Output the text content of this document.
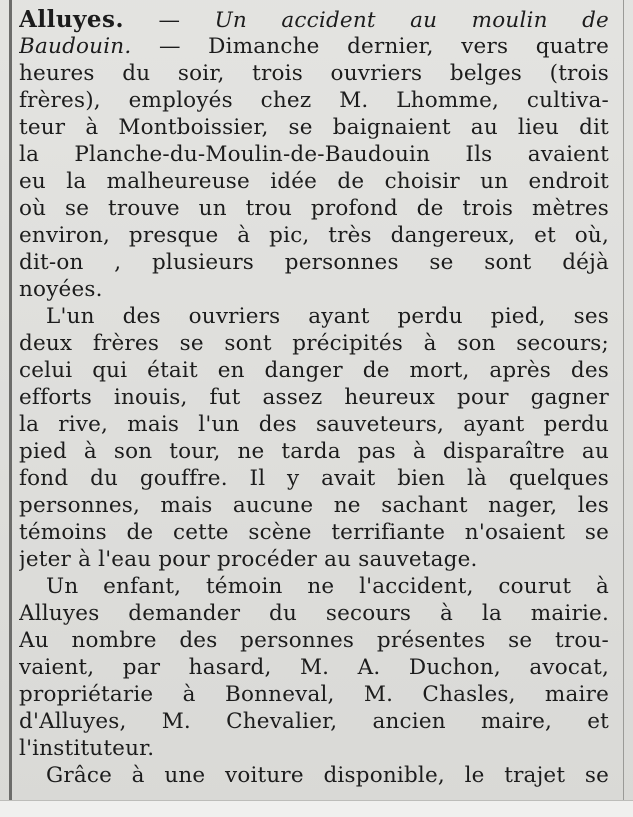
Alluyes. — Un accident au moulin de
Baudouin. — Dimanche dernier, vers quatre
heures du soir, trois ouvriers belges (trois
frères), employés chez M. Lhomme, cultiva-
teur à Montboissier, se baignaient au lieu dit
la Planche-du-Moulin-de-Baudouin Ils avaient
eu la malheureuse idée de choisir un endroit
où se trouve un trou profond de trois mètres
environ, presque à pic, très dangereux, et où,
dit-on , plusieurs personnes se sont déjà
noyées.
L'un des ouvriers ayant perdu pied, ses
deux frères se sont précipités à son secours;
celui qui était en danger de mort, après des
efforts inouis, fut assez heureux pour gagner
la rive, mais l'un des sauveteurs, ayant perdu
pied à son tour, ne tarda pas à disparaître au
fond du gouffre. Il y avait bien là quelques
personnes, mais aucune ne sachant nager, les
témoins de cette scène terrifiante n'osaient se
jeter à l'eau pour procéder au sauvetage.
Un enfant, témoin ne l'accident, courut à
Alluyes demander du secours à la mairie.
Au nombre des personnes présentes se trou-
vaient, par hasard, M. A. Duchon, avocat,
propriétarie à Bonneval, M. Chasles, maire
d'Alluyes, M. Chevalier, ancien maire, et
l'instituteur.
Grâce à une voiture disponible, le trajet se
